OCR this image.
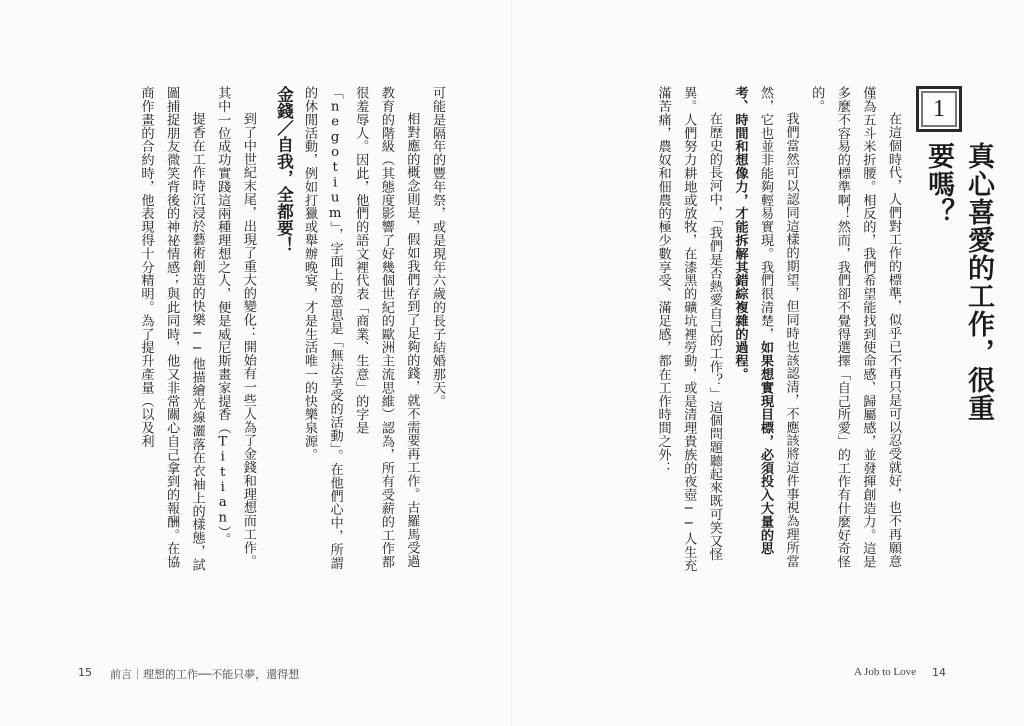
1
真心喜愛的工作，很重要嗎？

在這個時代，人們對工作的標準，似乎已不再只是可以忍受就好，也不再願意僅為五斗米折腰。相反的，我們希望能找到使命感、歸屬感，並發揮創造力。這是多麼不容易的標準啊！然而，我們卻不覺得選擇「自己所愛」的工作有什麼好奇怪的。

我們當然可以認同這樣的期望，但同時也該認清，不應該將這件事視為理所當然，它也並非能夠輕易實現。我們很清楚，如果想實現目標，必須投入大量的思考、時間和想像力，才能拆解其錯綜複雜的過程。

在歷史的長河中，「我們是否熱愛自己的工作？」這個問題聽起來既可笑又怪異。人們努力耕地或放牧，在漆黑的礦坑裡勞動，或是清理貴族的夜壺──人生充滿苦痛，農奴和佃農的極少數享受、滿足感，都在工作時間之外：

可能是隔年的豐年祭，或是現年六歲的長子結婚那天。

相對應的概念則是，假如我們存到了足夠的錢，就不需要再工作。古羅馬受過教育的階級（其態度影響了好幾個世紀的歐洲主流思維）認為，所有受薪的工作都很羞辱人。因此，他們的語文裡代表「商業、生意」的字是「negotium」，字面上的意思是「無法享受的活動」。在他們心中，所謂的休閒活動，例如打獵或舉辦晚宴，才是生活唯一的快樂泉源。

金錢／自我，全都要！

到了中世紀末尾，出現了重大的變化：開始有一些人為了金錢和理想而工作。其中一位成功實踐這兩種理想之人，便是威尼斯畫家提香（Titian）。

提香在工作時沉浸於藝術創造的快樂──他描繪光線灑落在衣袖上的樣態，試圖捕捉朋友微笑背後的神祕情感；與此同時，他又非常關心自己拿到的報酬。在協商作畫的合約時，他表現得十分精明。為了提升產量（以及利

15 前言｜理想的工作──不能只夢，還得想	A Job to Love 14
